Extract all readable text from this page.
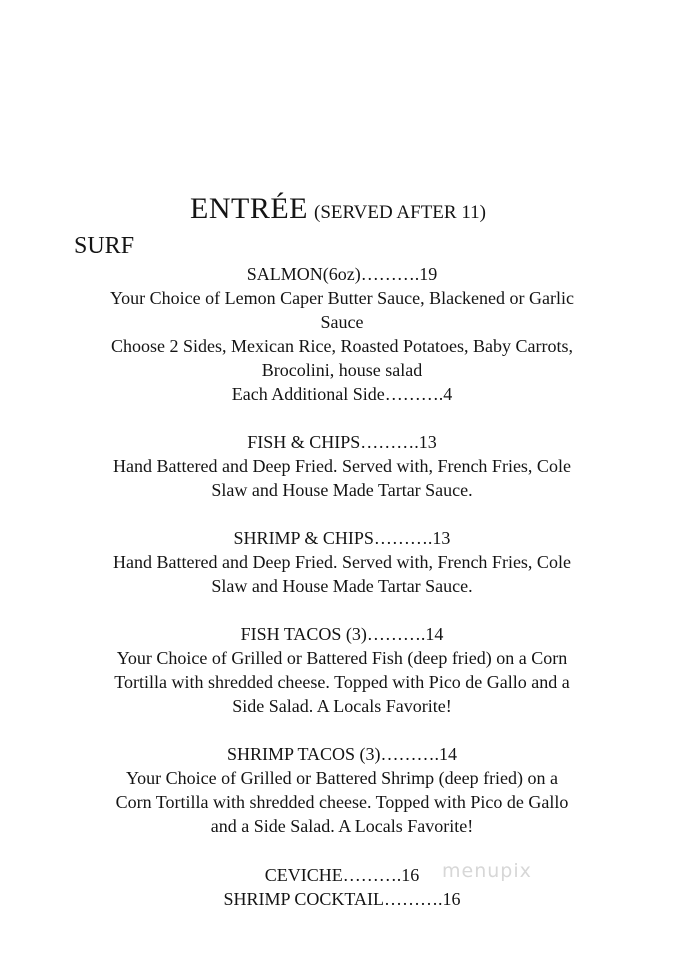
ENTRÉE (SERVED AFTER 11)
SURF
SALMON(6oz)……….19
Your Choice of Lemon Caper Butter Sauce, Blackened or Garlic
Sauce
Choose 2 Sides, Mexican Rice, Roasted Potatoes, Baby Carrots,
Brocolini, house salad
Each Additional Side……….4
FISH & CHIPS……….13
Hand Battered and Deep Fried. Served with, French Fries, Cole
Slaw and House Made Tartar Sauce.
SHRIMP & CHIPS……….13
Hand Battered and Deep Fried. Served with, French Fries, Cole
Slaw and House Made Tartar Sauce.
FISH TACOS (3)……….14
Your Choice of Grilled or Battered Fish (deep fried) on a Corn
Tortilla with shredded cheese. Topped with Pico de Gallo and a
Side Salad. A Locals Favorite!
SHRIMP TACOS (3)……….14
Your Choice of Grilled or Battered Shrimp (deep fried) on a
Corn Tortilla with shredded cheese. Topped with Pico de Gallo
and a Side Salad. A Locals Favorite!
CEVICHE……….16
SHRIMP COCKTAIL……….16
menupix
